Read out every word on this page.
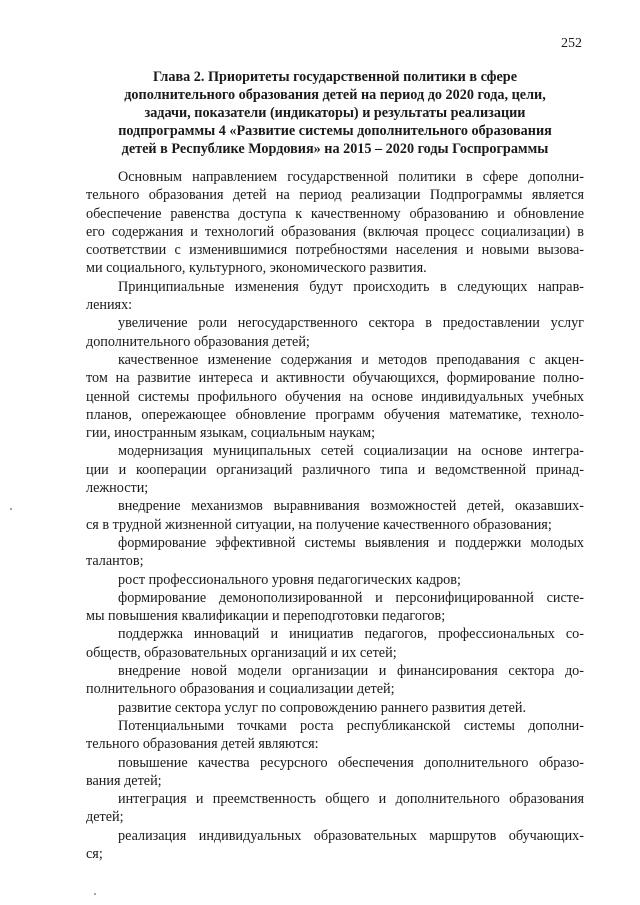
252
Глава 2. Приоритеты государственной политики в сфере
дополнительного образования детей на период до 2020 года, цели,
задачи, показатели (индикаторы) и результаты реализации
подпрограммы 4 «Развитие системы дополнительного образования
детей в Республике Мордовия» на 2015 – 2020 годы Госпрограммы
Основным направлением государственной политики в сфере дополни-
тельного образования детей на период реализации Подпрограммы является
обеспечение равенства доступа к качественному образованию и обновление
его содержания и технологий образования (включая процесс социализации) в
соответствии с изменившимися потребностями населения и новыми вызова-
ми социального, культурного, экономического развития.
Принципиальные изменения будут происходить в следующих направ-
лениях:
увеличение роли негосударственного сектора в предоставлении услуг
дополнительного образования детей;
качественное изменение содержания и методов преподавания с акцен-
том на развитие интереса и активности обучающихся, формирование полно-
ценной системы профильного обучения на основе индивидуальных учебных
планов, опережающее обновление программ обучения математике, техноло-
гии, иностранным языкам, социальным наукам;
модернизация муниципальных сетей социализации на основе интегра-
ции и кооперации организаций различного типа и ведомственной принад-
лежности;
внедрение механизмов выравнивания возможностей детей, оказавших-
ся в трудной жизненной ситуации, на получение качественного образования;
формирование эффективной системы выявления и поддержки молодых
талантов;
рост профессионального уровня педагогических кадров;
формирование демонополизированной и персонифицированной систе-
мы повышения квалификации и переподготовки педагогов;
поддержка инноваций и инициатив педагогов, профессиональных со-
обществ, образовательных организаций и их сетей;
внедрение новой модели организации и финансирования сектора до-
полнительного образования и социализации детей;
развитие сектора услуг по сопровождению раннего развития детей.
Потенциальными точками роста республиканской системы дополни-
тельного образования детей являются:
повышение качества ресурсного обеспечения дополнительного образо-
вания детей;
интеграция и преемственность общего и дополнительного образования
детей;
реализация индивидуальных образовательных маршрутов обучающих-
ся;
